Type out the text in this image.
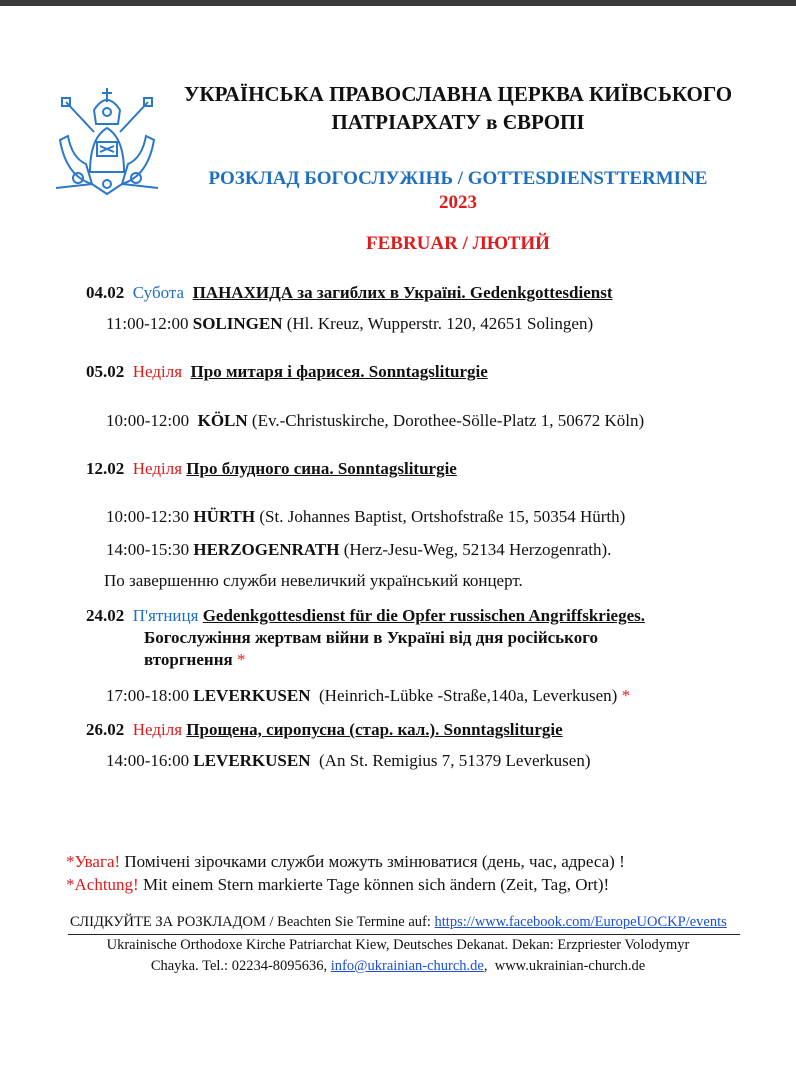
УКРАЇНСЬКА ПРАВОСЛАВНА ЦЕРКВА КИЇВСЬКОГО
ПАТРІАРХАТУ в ЄВРОПІ
РОЗКЛАД БОГОСЛУЖІНЬ / GOTTESDIENSTTERMINE
2023
FEBRUAR / ЛЮТИЙ
04.02 Субота ПАНАХИДА за загиблих в Україні. Gedenkgottesdienst
11:00-12:00 SOLINGEN (Hl. Kreuz, Wupperstr. 120, 42651 Solingen)
05.02 Неділя Про митаря і фарисея. Sonntagsliturgie
10:00-12:00 KÖLN (Ev.-Christuskirche, Dorothee-Sölle-Platz 1, 50672 Köln)
12.02 Неділя Про блудного сина. Sonntagsliturgie
10:00-12:30 HÜRTH (St. Johannes Baptist, Ortshofstraße 15, 50354 Hürth)
14:00-15:30 HERZOGENRATH (Herz-Jesu-Weg, 52134 Herzogenrath).
По завершенню служби невеличкий український концерт.
24.02 П'ятниця Gedenkgottesdienst für die Opfer russischen Angriffskrieges.
Богослужіння жертвам війни в Україні від дня російського
вторгнення *
17:00-18:00 LEVERKUSEN (Heinrich-Lübke -Straße,140a, Leverkusen) *
26.02 Неділя Прощена, сиропусна (стар. кал.). Sonntagsliturgie
14:00-16:00 LEVERKUSEN (An St. Remigius 7, 51379 Leverkusen)
*Увага! Помічені зірочками служби можуть змінюватися (день, час, адреса) !
*Achtung! Mit einem Stern markierte Tage können sich ändern (Zeit, Tag, Ort)!
СЛІДКУЙТЕ ЗА РОЗКЛАДОМ / Beachten Sie Termine auf: https://www.facebook.com/EuropeUOCKP/events
Ukrainische Orthodoxe Kirche Patriarchat Kiew, Deutsches Dekanat. Dekan: Erzpriester Volodymyr
Chayka. Tel.: 02234-8095636, info@ukrainian-church.de, www.ukrainian-church.de
